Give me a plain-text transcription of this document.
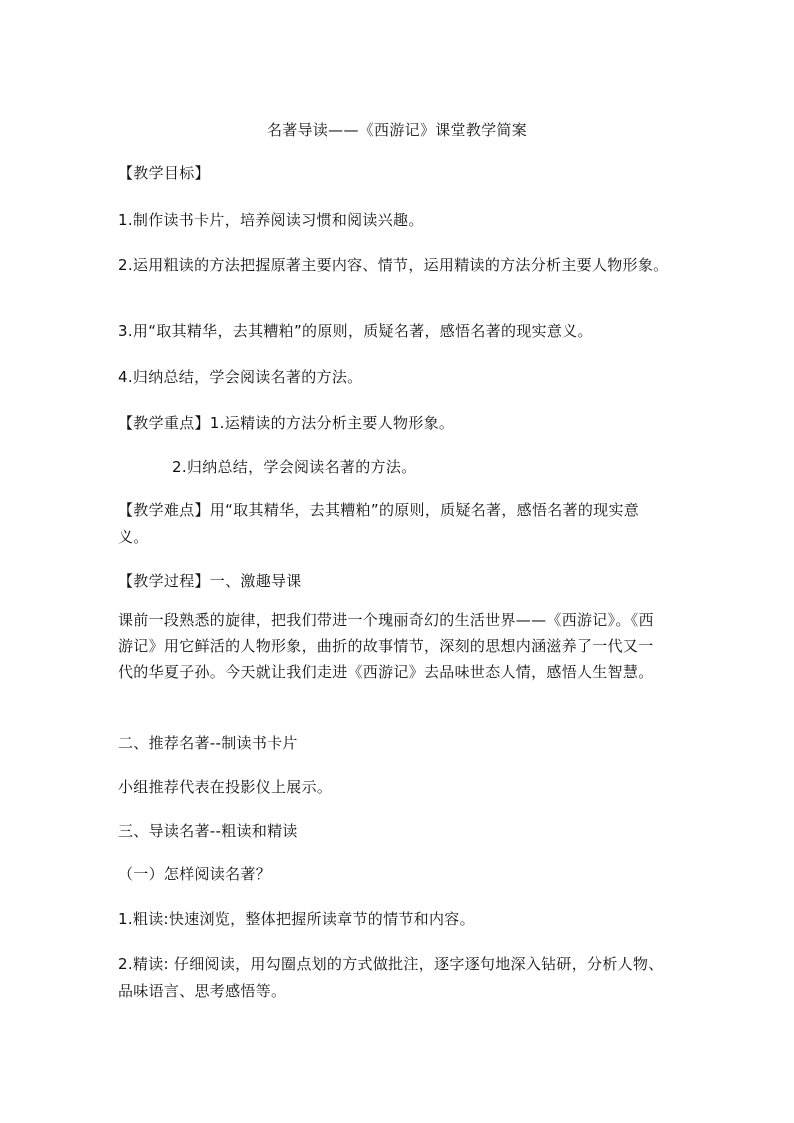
名著导读——《西游记》课堂教学简案
【教学目标】
1.制作读书卡片，培养阅读习惯和阅读兴趣。
2.运用粗读的方法把握原著主要内容、情节，运用精读的方法分析主要人物形象。
3.用“取其精华，去其糟粕”的原则，质疑名著，感悟名著的现实意义。
4.归纳总结，学会阅读名著的方法。
【教学重点】1.运精读的方法分析主要人物形象。
2.归纳总结，学会阅读名著的方法。
【教学难点】用“取其精华，去其糟粕”的原则，质疑名著，感悟名著的现实意
义。
【教学过程】一、激趣导课
课前一段熟悉的旋律，把我们带进一个瑰丽奇幻的生活世界——《西游记》。《西
游记》用它鲜活的人物形象，曲折的故事情节，深刻的思想内涵滋养了一代又一
代的华夏子孙。今天就让我们走进《西游记》去品味世态人情，感悟人生智慧。
二、推荐名著--制读书卡片
小组推荐代表在投影仪上展示。
三、导读名著--粗读和精读
（一）怎样阅读名著？
1.粗读:快速浏览，整体把握所读章节的情节和内容。
2.精读: 仔细阅读，用勾圈点划的方式做批注，逐字逐句地深入钻研，分析人物、
品味语言、思考感悟等。
